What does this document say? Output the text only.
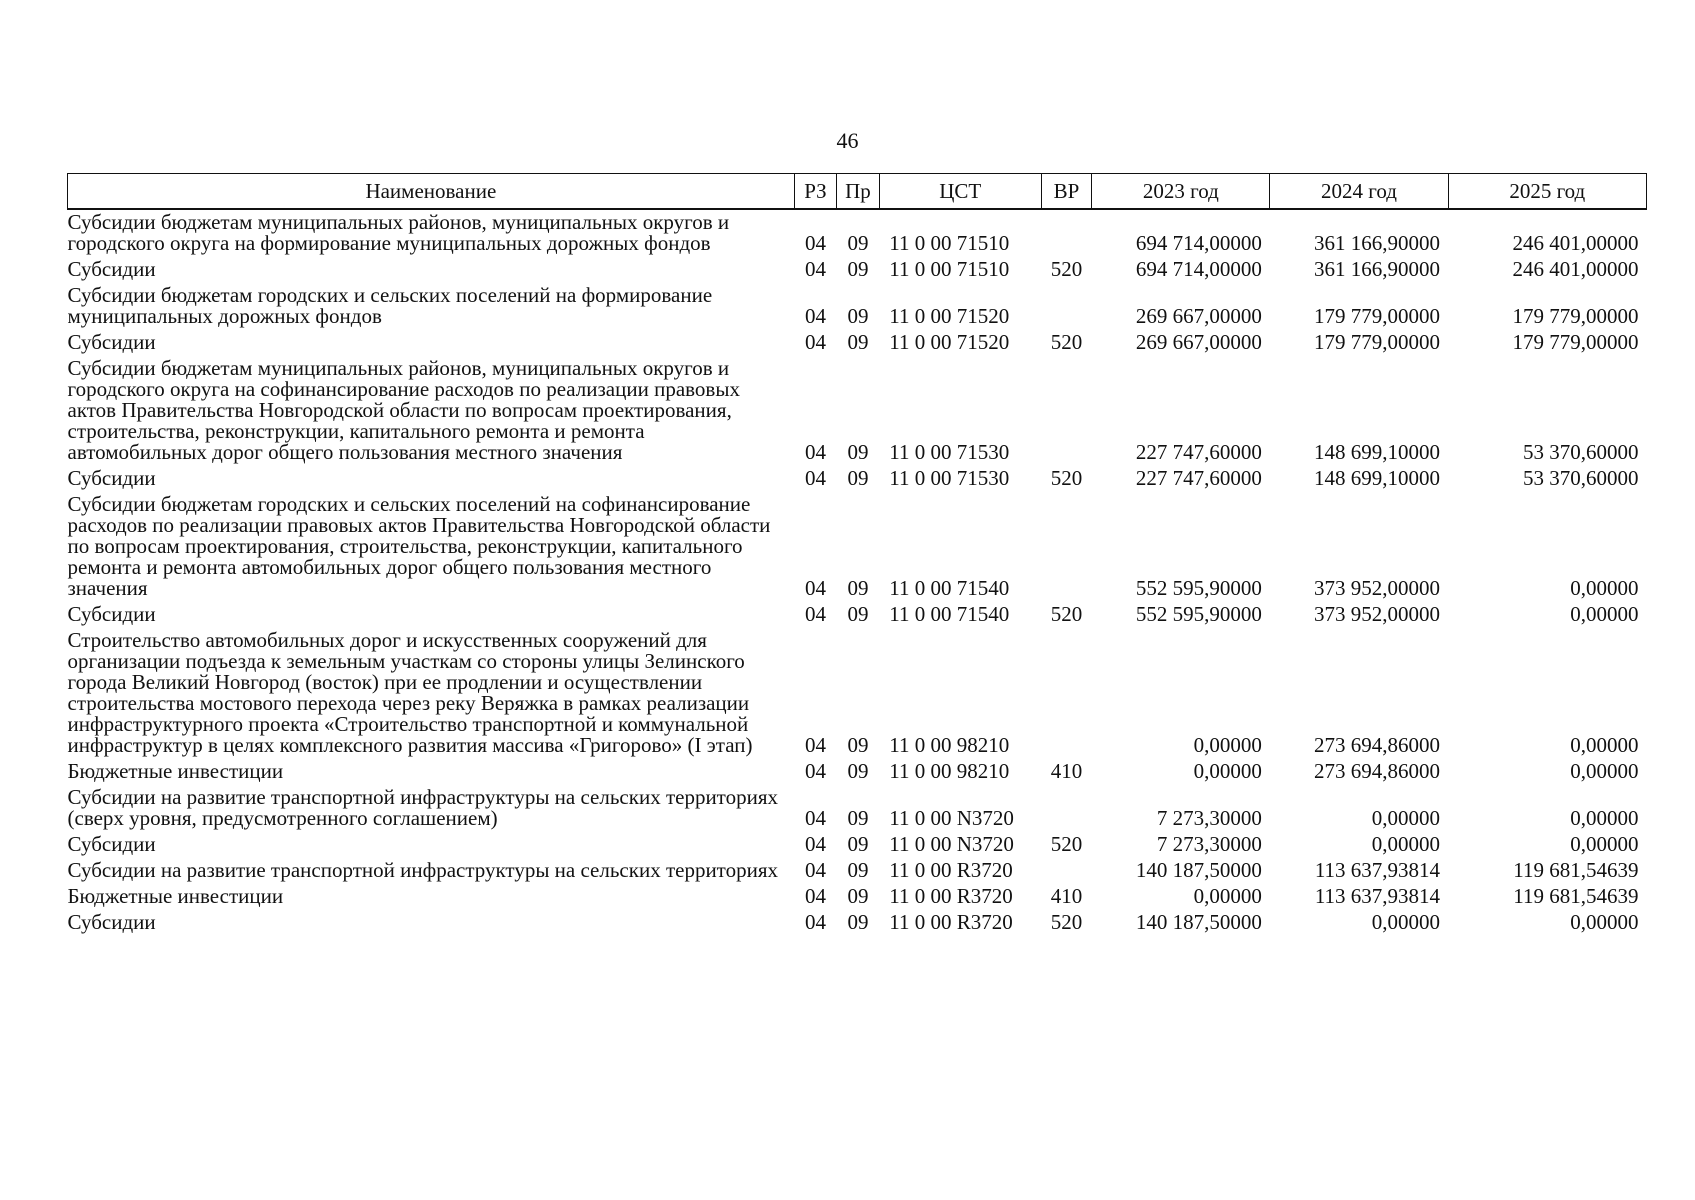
46
Наименование	РЗ	Пр	ЦСТ	ВР	2023 год	2024 год	2025 год
Субсидии бюджетам муниципальных районов, муниципальных округов и городского округа на формирование муниципальных дорожных фондов	04	09	11 0 00 71510		694 714,00000	361 166,90000	246 401,00000
Субсидии	04	09	11 0 00 71510	520	694 714,00000	361 166,90000	246 401,00000
Субсидии бюджетам городских и сельских поселений на формирование муниципальных дорожных фондов	04	09	11 0 00 71520		269 667,00000	179 779,00000	179 779,00000
Субсидии	04	09	11 0 00 71520	520	269 667,00000	179 779,00000	179 779,00000
Субсидии бюджетам муниципальных районов, муниципальных округов и городского округа на софинансирование расходов по реализации правовых актов Правительства Новгородской области по вопросам проектирования, строительства, реконструкции, капитального ремонта и ремонта автомобильных дорог общего пользования местного значения	04	09	11 0 00 71530		227 747,60000	148 699,10000	53 370,60000
Субсидии	04	09	11 0 00 71530	520	227 747,60000	148 699,10000	53 370,60000
Субсидии бюджетам городских и сельских поселений на софинансирование расходов по реализации правовых актов Правительства Новгородской области по вопросам проектирования, строительства, реконструкции, капитального ремонта и ремонта автомобильных дорог общего пользования местного значения	04	09	11 0 00 71540		552 595,90000	373 952,00000	0,00000
Субсидии	04	09	11 0 00 71540	520	552 595,90000	373 952,00000	0,00000
Строительство автомобильных дорог и искусственных сооружений для организации подъезда к земельным участкам со стороны улицы Зелинского города Великий Новгород (восток) при ее продлении и осуществлении строительства мостового перехода через реку Веряжка в рамках реализации инфраструктурного проекта «Строительство транспортной и коммунальной инфраструктур в целях комплексного развития массива «Григорово» (I этап)	04	09	11 0 00 98210		0,00000	273 694,86000	0,00000
Бюджетные инвестиции	04	09	11 0 00 98210	410	0,00000	273 694,86000	0,00000
Субсидии на развитие транспортной инфраструктуры на сельских территориях (сверх уровня, предусмотренного соглашением)	04	09	11 0 00 N3720		7 273,30000	0,00000	0,00000
Субсидии	04	09	11 0 00 N3720	520	7 273,30000	0,00000	0,00000
Субсидии на развитие транспортной инфраструктуры на сельских территориях	04	09	11 0 00 R3720		140 187,50000	113 637,93814	119 681,54639
Бюджетные инвестиции	04	09	11 0 00 R3720	410	0,00000	113 637,93814	119 681,54639
Субсидии	04	09	11 0 00 R3720	520	140 187,50000	0,00000	0,00000
